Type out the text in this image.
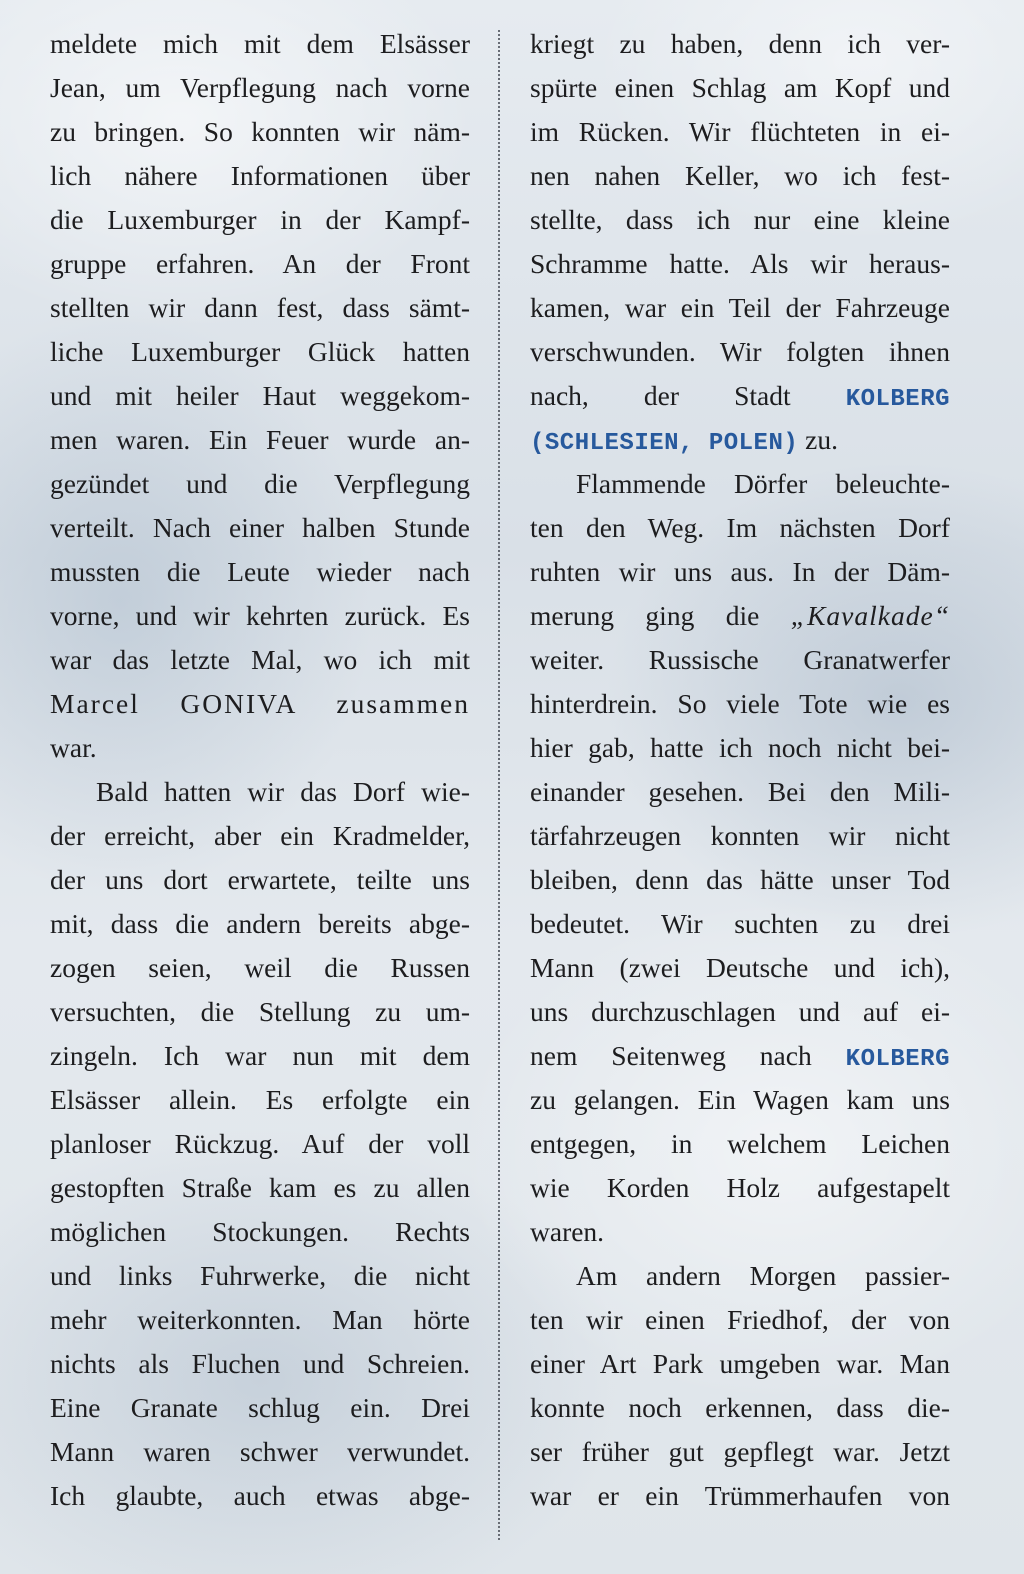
meldete mich mit dem Elsässer
Jean, um Verpflegung nach vorne
zu bringen. So konnten wir näm-
lich nähere Informationen über
die Luxemburger in der Kampf-
gruppe erfahren. An der Front
stellten wir dann fest, dass sämt-
liche Luxemburger Glück hatten
und mit heiler Haut weggekom-
men waren. Ein Feuer wurde an-
gezündet und die Verpflegung
verteilt. Nach einer halben Stunde
mussten die Leute wieder nach
vorne, und wir kehrten zurück. Es
war das letzte Mal, wo ich mit
Marcel GONIVA zusammen
war.
Bald hatten wir das Dorf wie-
der erreicht, aber ein Kradmelder,
der uns dort erwartete, teilte uns
mit, dass die andern bereits abge-
zogen seien, weil die Russen
versuchten, die Stellung zu um-
zingeln. Ich war nun mit dem
Elsässer allein. Es erfolgte ein
planloser Rückzug. Auf der voll
gestopften Straße kam es zu allen
möglichen Stockungen. Rechts
und links Fuhrwerke, die nicht
mehr weiterkonnten. Man hörte
nichts als Fluchen und Schreien.
Eine Granate schlug ein. Drei
Mann waren schwer verwundet.
Ich glaubte, auch etwas abge-
kriegt zu haben, denn ich ver-
spürte einen Schlag am Kopf und
im Rücken. Wir flüchteten in ei-
nen nahen Keller, wo ich fest-
stellte, dass ich nur eine kleine
Schramme hatte. Als wir heraus-
kamen, war ein Teil der Fahrzeuge
verschwunden. Wir folgten ihnen
nach, der Stadt KOLBERG
(SCHLESIEN, POLEN) zu.
Flammende Dörfer beleuchte-
ten den Weg. Im nächsten Dorf
ruhten wir uns aus. In der Däm-
merung ging die „Kavalkade“
weiter. Russische Granatwerfer
hinterdrein. So viele Tote wie es
hier gab, hatte ich noch nicht bei-
einander gesehen. Bei den Mili-
tärfahrzeugen konnten wir nicht
bleiben, denn das hätte unser Tod
bedeutet. Wir suchten zu drei
Mann (zwei Deutsche und ich),
uns durchzuschlagen und auf ei-
nem Seitenweg nach KOLBERG
zu gelangen. Ein Wagen kam uns
entgegen, in welchem Leichen
wie Korden Holz aufgestapelt
waren.
Am andern Morgen passier-
ten wir einen Friedhof, der von
einer Art Park umgeben war. Man
konnte noch erkennen, dass die-
ser früher gut gepflegt war. Jetzt
war er ein Trümmerhaufen von
